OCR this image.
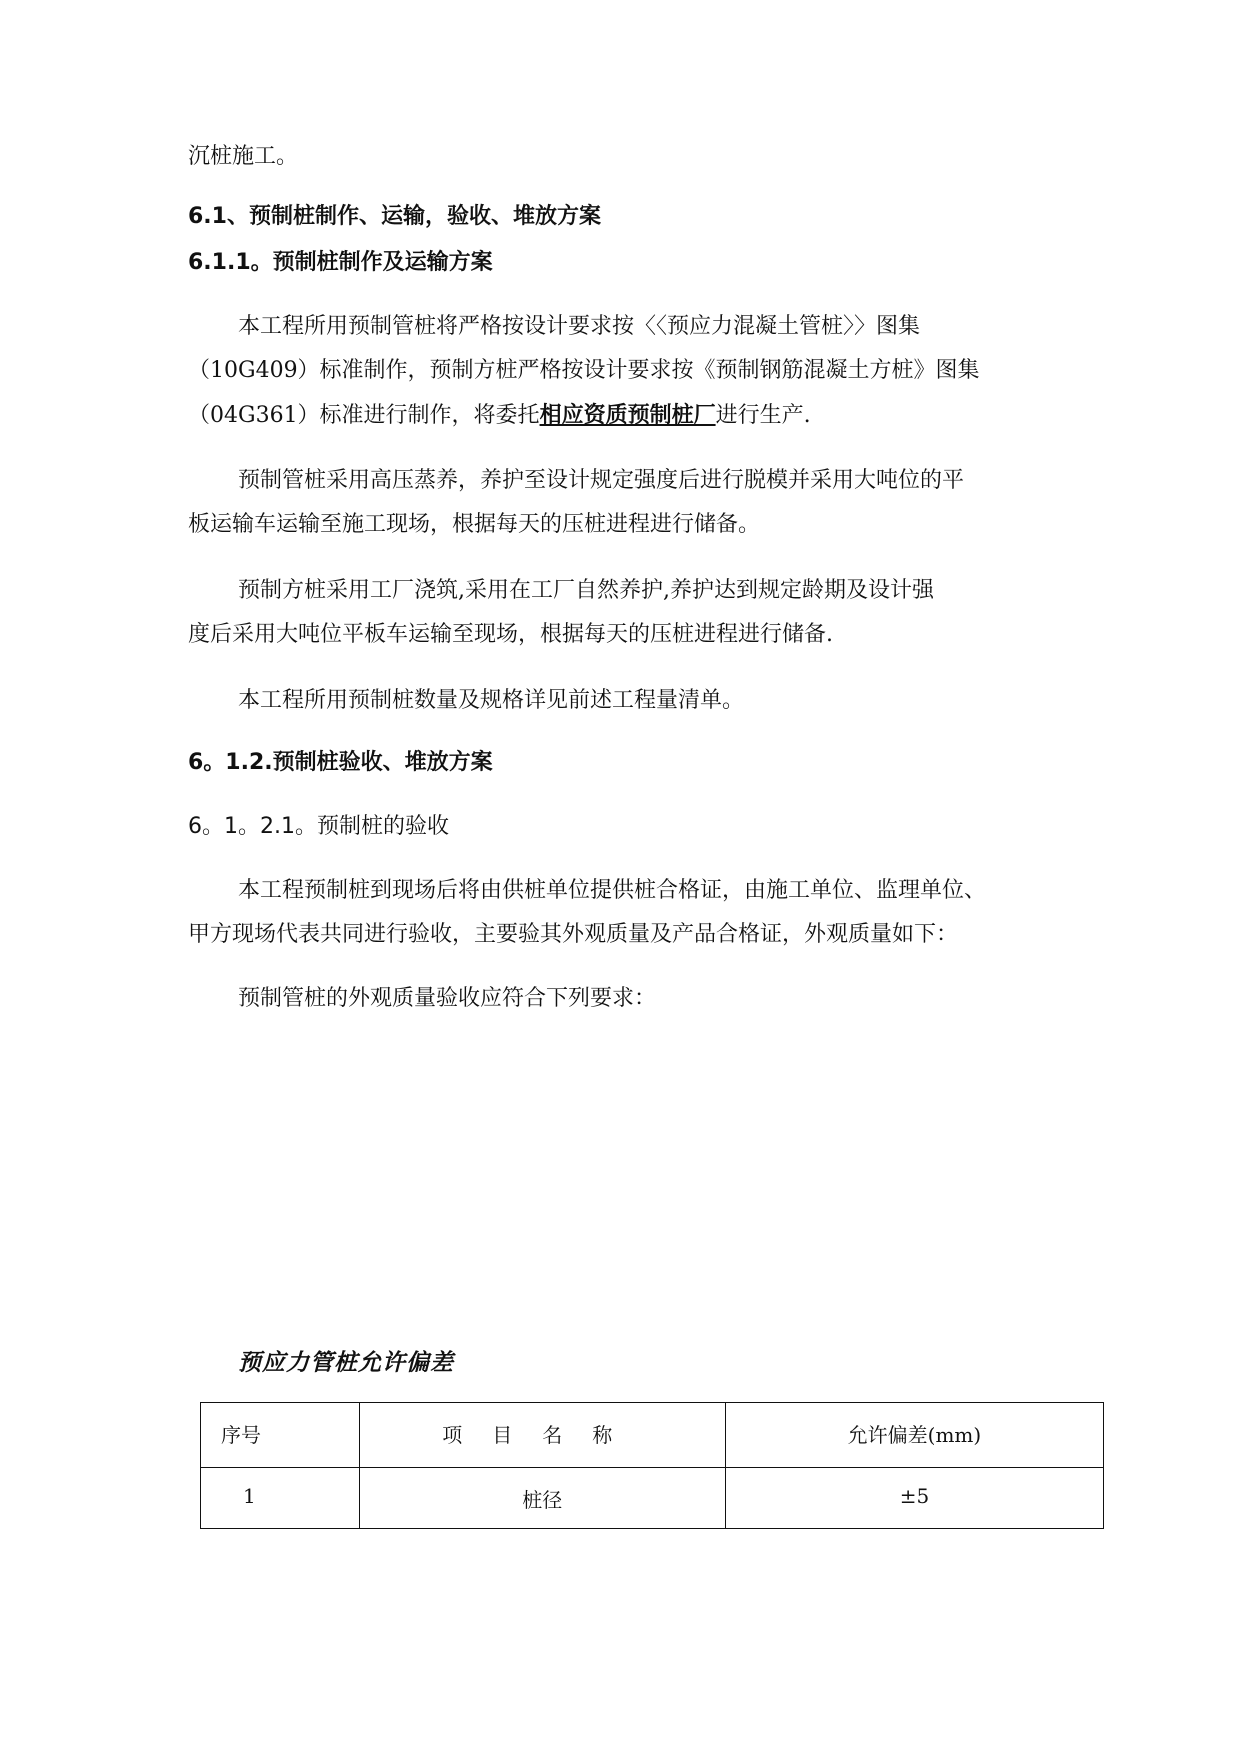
沉桩施工。
6.1、预制桩制作、运输，验收、堆放方案
6.1.1。预制桩制作及运输方案
本工程所用预制管桩将严格按设计要求按〈〈预应力混凝土管桩〉〉图集
（10G409）标准制作，预制方桩严格按设计要求按《预制钢筋混凝土方桩》图集
（04G361）标准进行制作，将委托相应资质预制桩厂进行生产.
预制管桩采用高压蒸养，养护至设计规定强度后进行脱模并采用大吨位的平
板运输车运输至施工现场，根据每天的压桩进程进行储备。
预制方桩采用工厂浇筑,采用在工厂自然养护,养护达到规定龄期及设计强
度后采用大吨位平板车运输至现场，根据每天的压桩进程进行储备.
本工程所用预制桩数量及规格详见前述工程量清单。
6。1.2.预制桩验收、堆放方案
6。1。2.1。预制桩的验收
本工程预制桩到现场后将由供桩单位提供桩合格证，由施工单位、监理单位、
甲方现场代表共同进行验收，主要验其外观质量及产品合格证，外观质量如下：
预制管桩的外观质量验收应符合下列要求：
预应力管桩允许偏差
序号	项目名称	允许偏差(mm)

1	桩径	±5
